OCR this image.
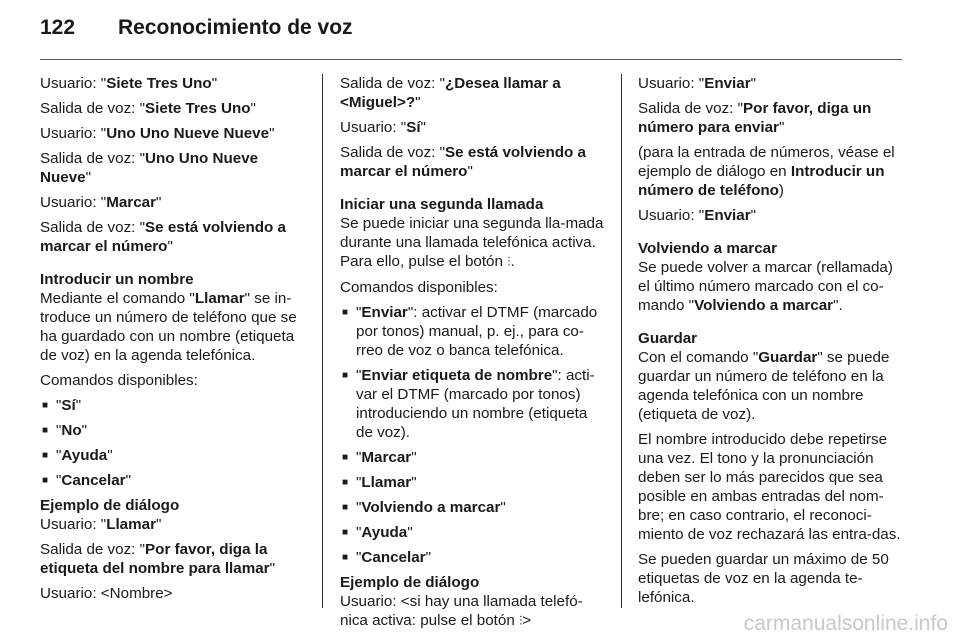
122 Reconocimiento de voz

Usuario: "Siete Tres Uno"

Salida de voz: "Siete Tres Uno"

Usuario: "Uno Uno Nueve Nueve"

Salida de voz: "Uno Uno Nueve Nueve"

Usuario: "Marcar"

Salida de voz: "Se está volviendo a marcar el número"

Introducir un nombre

Mediante el comando "Llamar" se in-troduce un número de teléfono que se ha guardado con un nombre (etiqueta de voz) en la agenda telefónica.

Comandos disponibles:

■ "Sí"
■ "No"
■ "Ayuda"
■ "Cancelar"

Ejemplo de diálogo

Usuario: "Llamar"

Salida de voz: "Por favor, diga la etiqueta del nombre para llamar"

Usuario: <Nombre>

Salida de voz: "¿Desea llamar a <Miguel>?"

Usuario: "Sí"

Salida de voz: "Se está volviendo a marcar el número"

Iniciar una segunda llamada

Se puede iniciar una segunda lla-mada durante una llamada telefónica activa. Para ello, pulse el botón ⫶.

Comandos disponibles:

■ "Enviar": activar el DTMF (marcado por tonos) manual, p. ej., para co-rreo de voz o banca telefónica.
■ "Enviar etiqueta de nombre": acti-var el DTMF (marcado por tonos) introduciendo un nombre (etiqueta de voz).
■ "Marcar"
■ "Llamar"
■ "Volviendo a marcar"
■ "Ayuda"
■ "Cancelar"

Ejemplo de diálogo

Usuario: <si hay una llamada telefó-nica activa: pulse el botón ⫶>

Usuario: "Enviar"

Salida de voz: "Por favor, diga un número para enviar"

(para la entrada de números, véase el ejemplo de diálogo en Introducir un número de teléfono)

Usuario: "Enviar"

Volviendo a marcar

Se puede volver a marcar (rellamada) el último número marcado con el co-mando "Volviendo a marcar".

Guardar

Con el comando "Guardar" se puede guardar un número de teléfono en la agenda telefónica con un nombre (etiqueta de voz).

El nombre introducido debe repetirse una vez. El tono y la pronunciación deben ser lo más parecidos que sea posible en ambas entradas del nom-bre; en caso contrario, el reconoci-miento de voz rechazará las entra-das.

Se pueden guardar un máximo de 50 etiquetas de voz en la agenda te-lefónica.

carmanualsonline.info
